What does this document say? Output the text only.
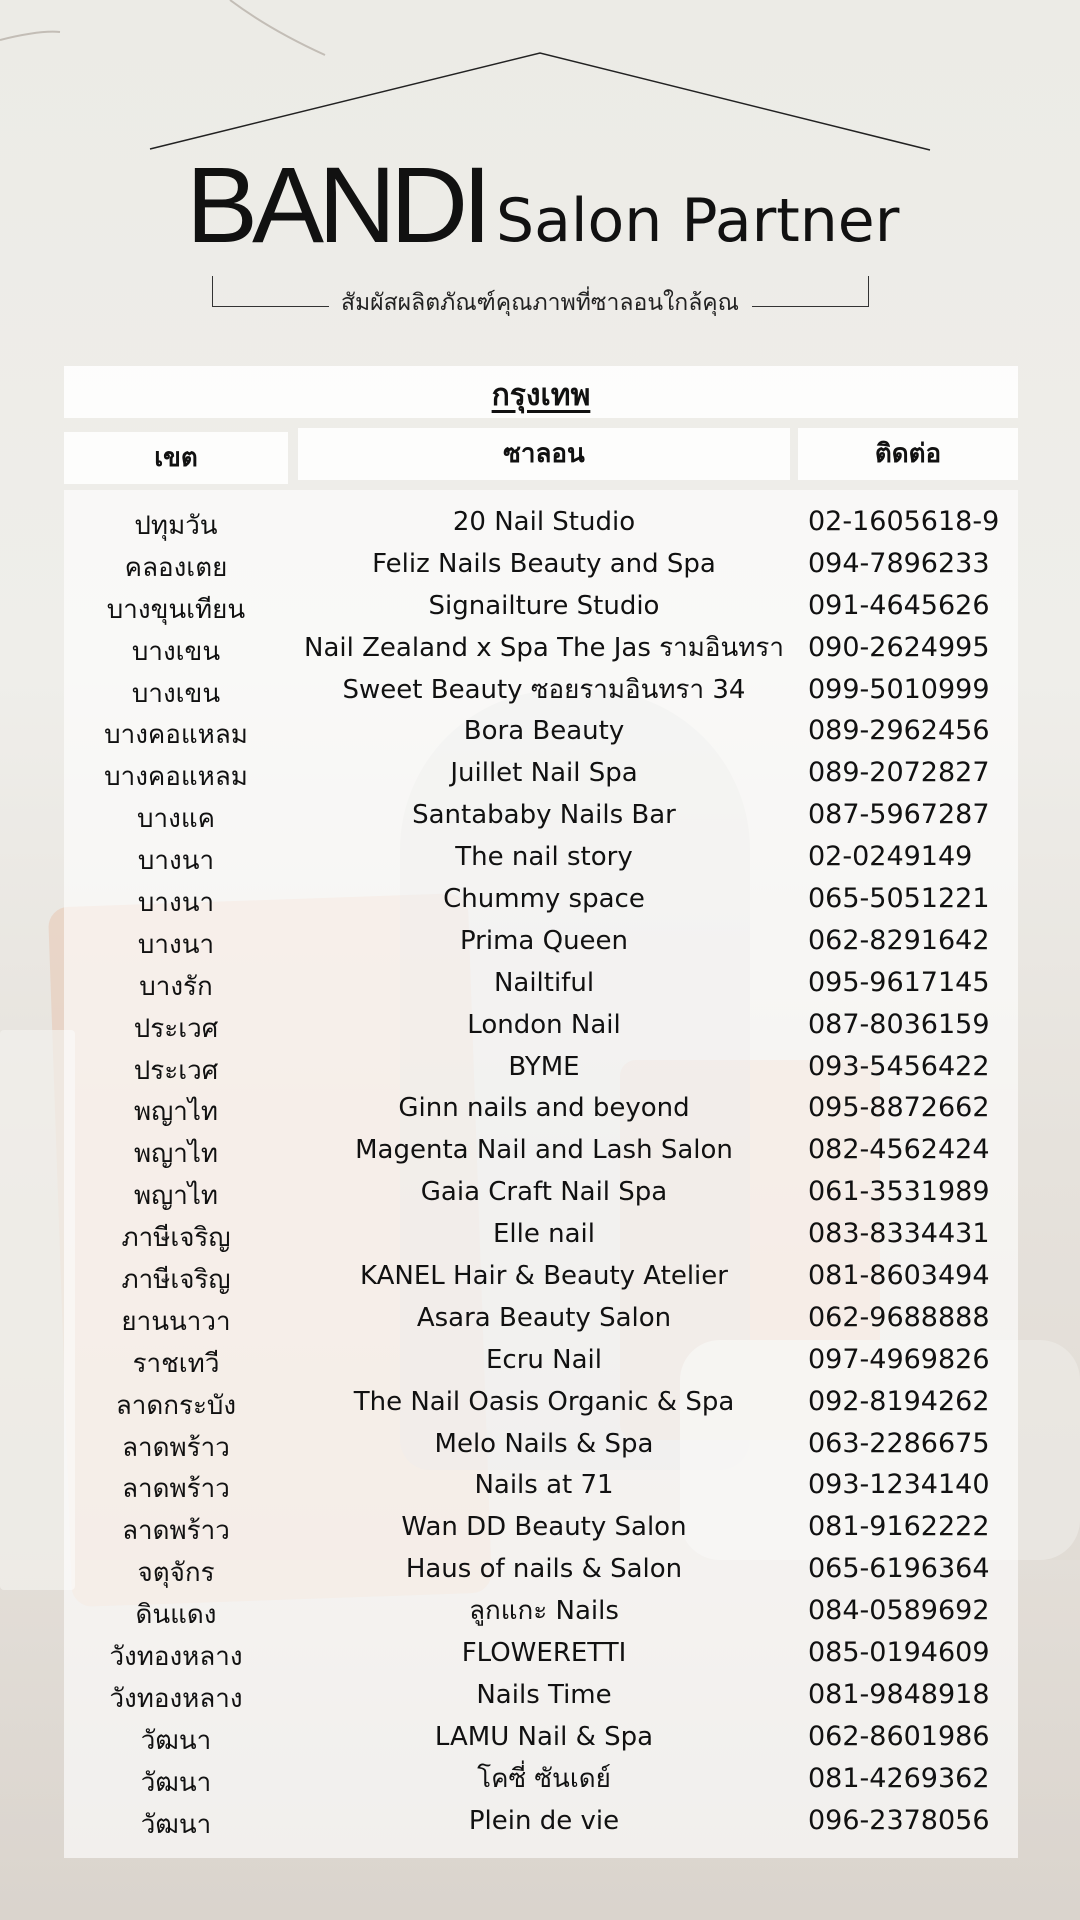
BANDI Salon Partner
สัมผัสผลิตภัณฑ์คุณภาพที่ซาลอนใกล้คุณ
กรุงเทพ
เขต	ซาลอน	ติดต่อ
ปทุมวัน	20 Nail Studio	02-1605618-9
คลองเตย	Feliz Nails Beauty and Spa	094-7896233
บางขุนเทียน	Signailture Studio	091-4645626
บางเขน	Nail Zealand x Spa The Jas รามอินทรา 090-2624995
บางเขน	Sweet Beauty ซอยรามอินทรา 34	099-5010999
บางคอแหลม	Bora Beauty	089-2962456
บางคอแหลม	Juillet Nail Spa	089-2072827
บางแค	Santababy Nails Bar	087-5967287
บางนา	The nail story	02-0249149
บางนา	Chummy space	065-5051221
บางนา	Prima Queen	062-8291642
บางรัก	Nailtiful	095-9617145
ประเวศ	London Nail	087-8036159
ประเวศ	BYME	093-5456422
พญาไท	Ginn nails and beyond	095-8872662
พญาไท	Magenta Nail and Lash Salon	082-4562424
พญาไท	Gaia Craft Nail Spa	061-3531989
ภาษีเจริญ	Elle nail	083-8334431
ภาษีเจริญ	KANEL Hair & Beauty Atelier	081-8603494
ยานนาวา	Asara Beauty Salon	062-9688888
ราชเทวี	Ecru Nail	097-4969826
ลาดกระบัง	The Nail Oasis Organic & Spa	092-8194262
ลาดพร้าว	Melo Nails & Spa	063-2286675
ลาดพร้าว	Nails at 71	093-1234140
ลาดพร้าว	Wan DD Beauty Salon	081-9162222
จตุจักร	Haus of nails & Salon	065-6196364
ดินแดง	ลูกแกะ Nails	084-0589692
วังทองหลาง	FLOWERETTI	085-0194609
วังทองหลาง	Nails Time	081-9848918
วัฒนา	LAMU Nail & Spa	062-8601986
วัฒนา	โคซี่ ซันเดย์	081-4269362
วัฒนา	Plein de vie	096-2378056
